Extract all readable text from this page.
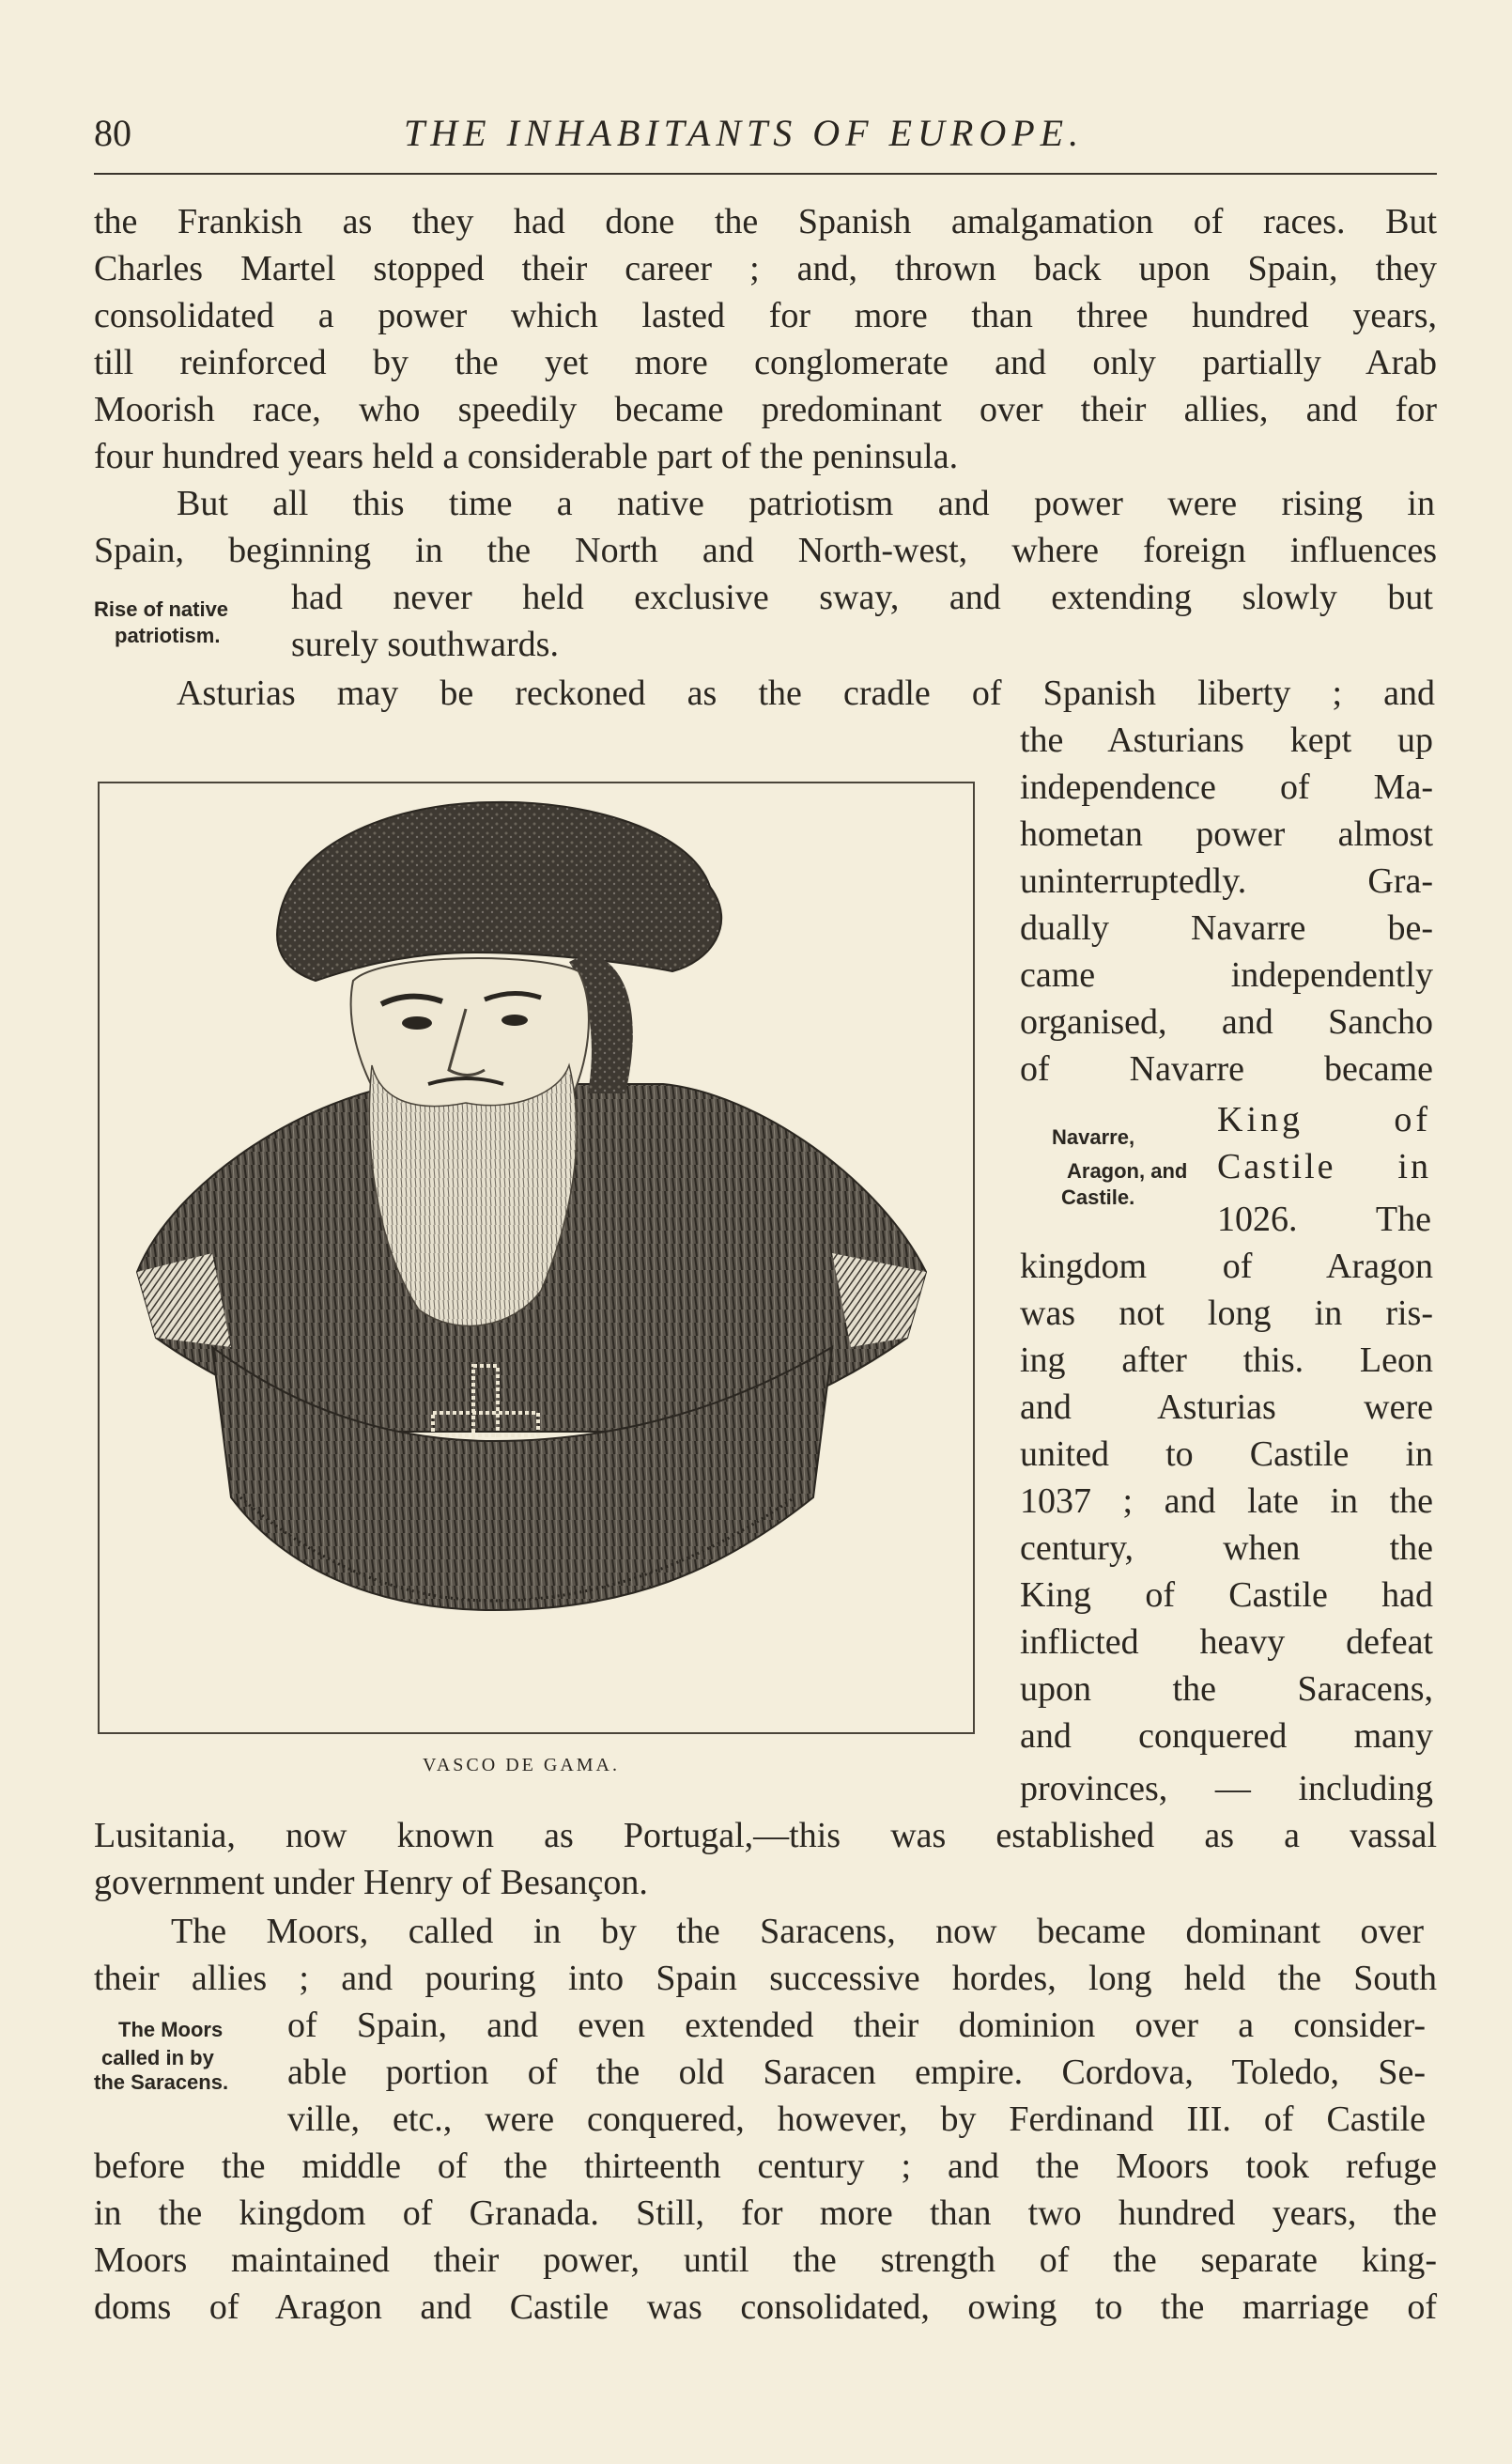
80	THE INHABITANTS OF EUROPE.
the Frankish as they had done the Spanish amalgamation of races. But
Charles Martel stopped their career ; and, thrown back upon Spain, they
consolidated a power which lasted for more than three hundred years,
till reinforced by the yet more conglomerate and only partially Arab
Moorish race, who speedily became predominant over their allies, and for
four hundred years held a considerable part of the peninsula.
But all this time a native patriotism and power were rising in
Spain, beginning in the North and North-west, where foreign influences
had never held exclusive sway, and extending slowly but
surely southwards.
Rise of native
patriotism.
Asturias may be reckoned as the cradle of Spanish liberty ; and
the Asturians kept up
independence of Ma-
hometan power almost
uninterruptedly. Gra-
dually Navarre be-
came independently
organised, and Sancho
of Navarre became
King of
Castile in
1026. The
kingdom of Aragon
was not long in ris-
ing after this. Leon
and Asturias were
united to Castile in
1037 ; and late in the
century, when the
King of Castile had
inflicted heavy defeat
upon the Saracens,
and conquered many
provinces, — including
Navarre,
Aragon, and
Castile.
Lusitania, now known as Portugal,—this was established as a vassal
government under Henry of Besançon.
The Moors, called in by the Saracens, now became dominant over
their allies ; and pouring into Spain successive hordes, long held the South
of Spain, and even extended their dominion over a consider-
able portion of the old Saracen empire. Cordova, Toledo, Se-
ville, etc., were conquered, however, by Ferdinand III. of Castile
before the middle of the thirteenth century ; and the Moors took refuge
in the kingdom of Granada. Still, for more than two hundred years, the
Moors maintained their power, until the strength of the separate king-
doms of Aragon and Castile was consolidated, owing to the marriage of
The Moors
called in by
the Saracens.
VASCO DE GAMA.
